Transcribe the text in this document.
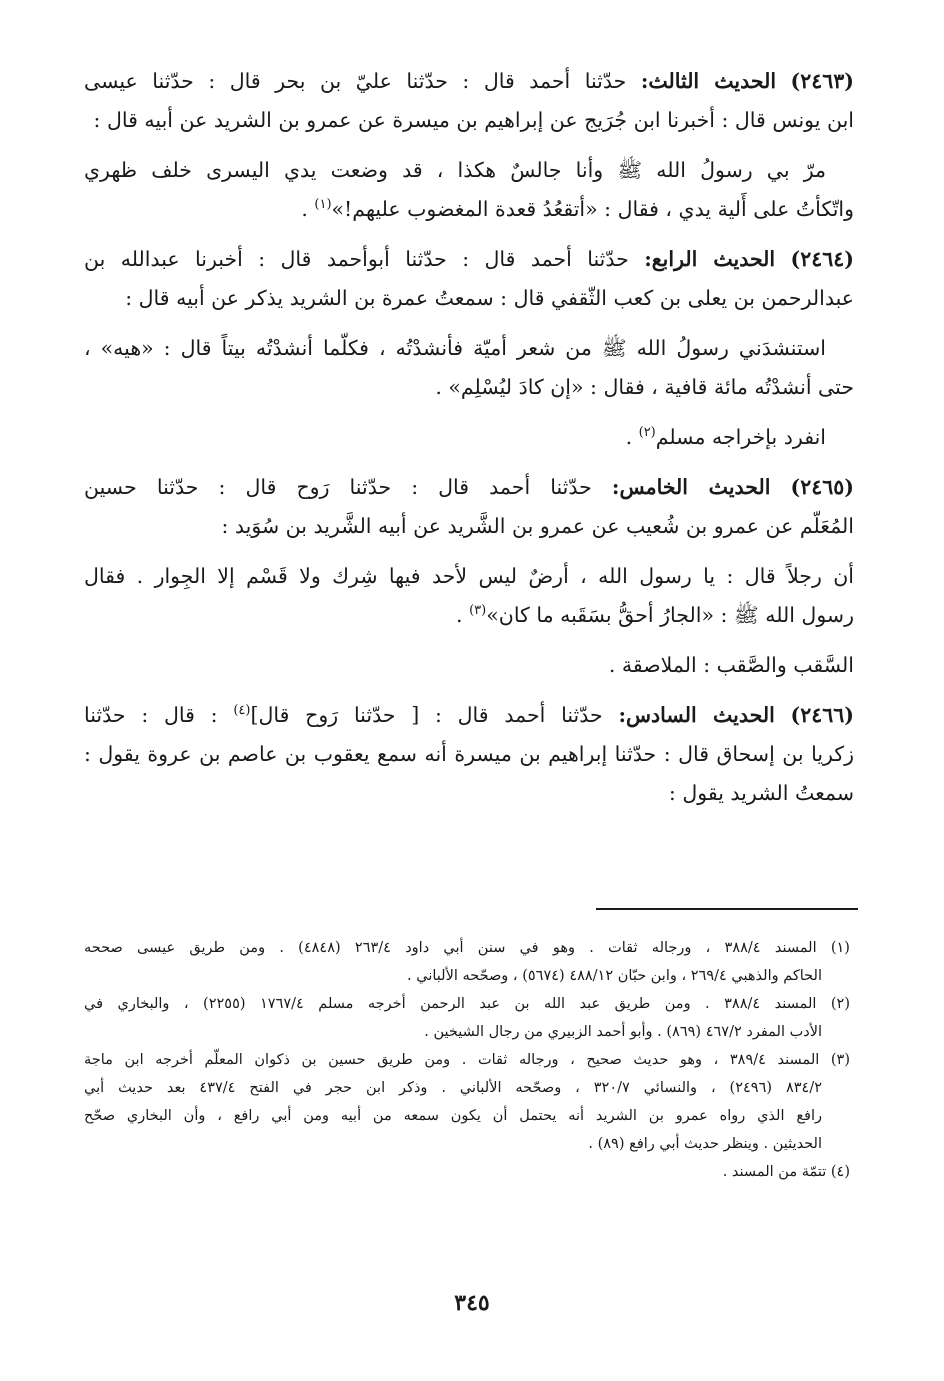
(٢٤٦٣) الحديث الثالث: حدّثنا أحمد قال : حدّثنا عليّ بن بحر قال : حدّثنا عيسى
ابن يونس قال : أخبرنا ابن جُرَيج عن إبراهيم بن ميسرة عن عمرو بن الشريد عن أبيه قال :
مرّ بي رسولُ الله ﷺ وأنا جالسٌ هكذا ، قد وضعت يدي اليسرى خلف ظهري
واتّكأتُ على أَلية يدي ، فقال : «أتقعُدُ قعدة المغضوب عليهم!»$^{(١)}$ .
(٢٤٦٤) الحديث الرابع: حدّثنا أحمد قال : حدّثنا أبوأحمد قال : أخبرنا عبدالله بن
عبدالرحمن بن يعلى بن كعب الثّقفي قال : سمعتُ عمرة بن الشريد يذكر عن أبيه قال :
استنشدَني رسولُ الله ﷺ من شعر أميّة فأنشدْتُه ، فكلّما أنشدْتُه بيتاً قال : «هيه» ،
حتى أنشدْتُه مائة قافية ، فقال : «إن كادَ ليُسْلِم» .
انفرد بإخراجه مسلم$^{(٢)}$ .
(٢٤٦٥) الحديث الخامس: حدّثنا أحمد قال : حدّثنا رَوح قال : حدّثنا حسين
المُعَلّم عن عمرو بن شُعيب عن عمرو بن الشَّريد عن أبيه الشَّريد بن سُوَيد :
أن رجلاً قال : يا رسول الله ، أرضٌ ليس لأحد فيها شِرك ولا قَسْم إلا الجِوار . فقال
رسول الله ﷺ : «الجارُ أحقُّ بسَقَبه ما كان»$^{(٣)}$ .
السَّقب والصَّقب : الملاصقة .
(٢٤٦٦) الحديث السادس: حدّثنا أحمد قال : [ حدّثنا رَوح قال]$^{(٤)}$ : قال : حدّثنا
زكريا بن إسحاق قال : حدّثنا إبراهيم بن ميسرة أنه سمع يعقوب بن عاصم بن عروة يقول :
سمعتُ الشريد يقول :
(١) المسند ٣٨٨/٤ ، ورجاله ثقات . وهو في سنن أبي داود ٢٦٣/٤ (٤٨٤٨) . ومن طريق عيسى صححه
الحاكم والذهبي ٢٦٩/٤ ، وابن حبّان ٤٨٨/١٢ (٥٦٧٤) ، وصحّحه الألباني .
(٢) المسند ٣٨٨/٤ . ومن طريق عبد الله بن عبد الرحمن أخرجه مسلم ١٧٦٧/٤ (٢٢٥٥) ، والبخاري في
الأدب المفرد ٤٦٧/٢ (٨٦٩) . وأبو أحمد الزبيري من رجال الشيخين .
(٣) المسند ٣٨٩/٤ ، وهو حديث صحيح ، ورجاله ثقات . ومن طريق حسين بن ذكوان المعلّم أخرجه ابن ماجة
٨٣٤/٢ (٢٤٩٦) ، والنسائي ٣٢٠/٧ ، وصحّحه الألباني . وذكر ابن حجر في الفتح ٤٣٧/٤ بعد حديث أبي
رافع الذي رواه عمرو بن الشريد أنه يحتمل أن يكون سمعه من أبيه ومن أبي رافع ، وأن البخاري صحّح
الحديثين . وينظر حديث أبي رافع (٨٩) .
(٤) تتمّة من المسند .
٣٤٥
